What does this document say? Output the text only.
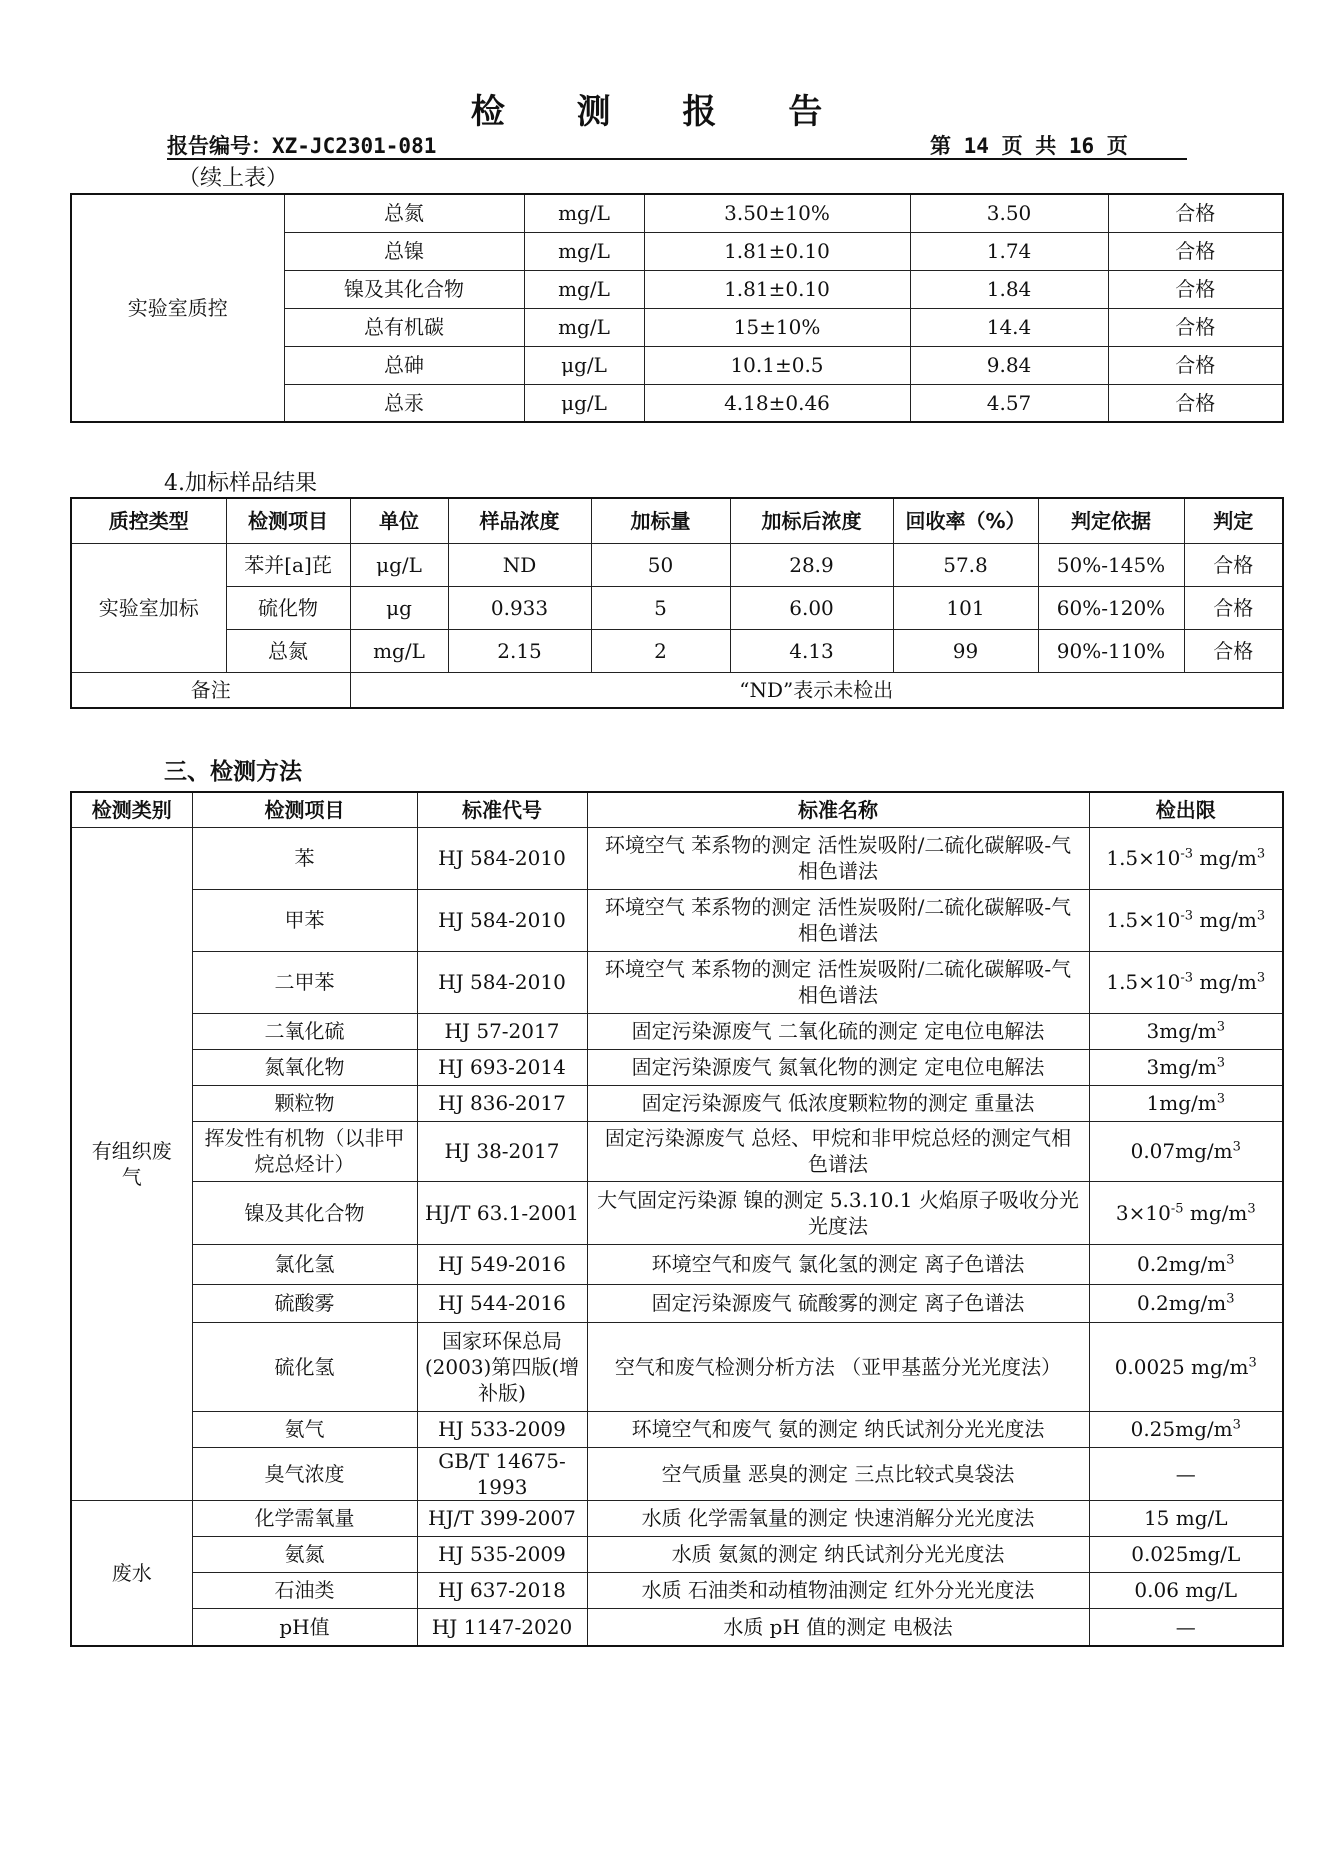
检 测 报 告
报告编号：XZ-JC2301-081	第 14 页 共 16 页
（续上表）
实验室质控	总氮	mg/L	3.50±10%	3.50	合格
	总镍	mg/L	1.81±0.10	1.74	合格
	镍及其化合物	mg/L	1.81±0.10	1.84	合格
	总有机碳	mg/L	15±10%	14.4	合格
	总砷	μg/L	10.1±0.5	9.84	合格
	总汞	μg/L	4.18±0.46	4.57	合格
4.加标样品结果
质控类型	检测项目	单位	样品浓度	加标量	加标后浓度	回收率（%）	判定依据	判定
实验室加标	苯并[a]芘	μg/L	ND	50	28.9	57.8	50%-145%	合格
	硫化物	μg	0.933	5	6.00	101	60%-120%	合格
	总氮	mg/L	2.15	2	4.13	99	90%-110%	合格
备注		“ND”表示未检出						
三、检测方法
检测类别	检测项目	标准代号	标准名称	检出限
有组织废气	苯	HJ 584-2010	环境空气 苯系物的测定 活性炭吸附/二硫化碳解吸-气相色谱法	$1.5\times 10^{-3}$ $mg/m^3$
	甲苯	HJ 584-2010	环境空气 苯系物的测定 活性炭吸附/二硫化碳解吸-气相色谱法	$1.5\times 10^{-3}$ $mg/m^3$
	二甲苯	HJ 584-2010	环境空气 苯系物的测定 活性炭吸附/二硫化碳解吸-气相色谱法	$1.5\times 10^{-3}$ $mg/m^3$
	二氧化硫	HJ 57-2017	固定污染源废气 二氧化硫的测定 定电位电解法	$3mg/m^3$
	氮氧化物	HJ 693-2014	固定污染源废气 氮氧化物的测定 定电位电解法	$3mg/m^3$
	颗粒物	HJ 836-2017	固定污染源废气 低浓度颗粒物的测定 重量法	$1mg/m^3$
	挥发性有机物（以非甲烷总烃计）	HJ 38-2017	固定污染源废气 总烃、甲烷和非甲烷总烃的测定气相色谱法	$0.07mg/m^3$
	镍及其化合物	HJ/T 63.1-2001	大气固定污染源 镍的测定 5.3.10.1 火焰原子吸收分光光度法	$3\times 10^{-5}$ $mg/m^3$
	氯化氢	HJ 549-2016	环境空气和废气 氯化氢的测定 离子色谱法	$0.2mg/m^3$
	硫酸雾	HJ 544-2016	固定污染源废气 硫酸雾的测定 离子色谱法	$0.2mg/m^3$
	硫化氢	国家环保总局(2003)第四版(增补版)	空气和废气检测分析方法 （亚甲基蓝分光光度法）	0.0025 $mg/m^3$
	氨气	HJ 533-2009	环境空气和废气 氨的测定 纳氏试剂分光光度法	$0.25mg/m^3$
	臭气浓度	GB/T 14675-1993	空气质量 恶臭的测定 三点比较式臭袋法	—
废水	化学需氧量	HJ/T 399-2007	水质 化学需氧量的测定 快速消解分光光度法	15 mg/L
	氨氮	HJ 535-2009	水质 氨氮的测定 纳氏试剂分光光度法	0.025mg/L
	石油类	HJ 637-2018	水质 石油类和动植物油测定 红外分光光度法	0.06 mg/L
	pH值	HJ 1147-2020	水质 pH 值的测定 电极法	—
